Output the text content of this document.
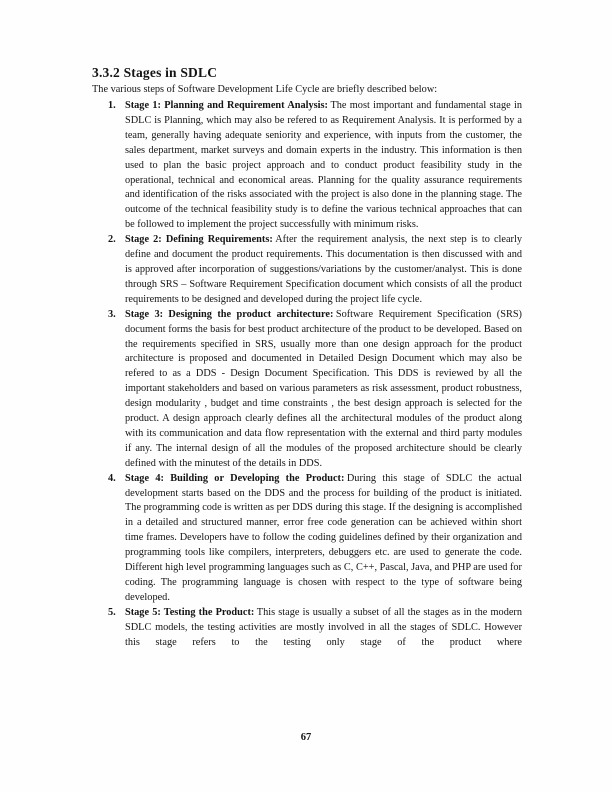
3.3.2 Stages in SDLC

The various steps of Software Development Life Cycle are briefly described below:

1. Stage 1: Planning and Requirement Analysis: The most important and fundamental stage in SDLC is Planning, which may also be refered to as Requirement Analysis. It is performed by a team, generally having adequate seniority and experience, with inputs from the customer, the sales department, market surveys and domain experts in the industry. This information is then used to plan the basic project approach and to conduct product feasibility study in the operational, technical and economical areas. Planning for the quality assurance requirements and identification of the risks associated with the project is also done in the planning stage. The outcome of the technical feasibility study is to define the various technical approaches that can be followed to implement the project successfully with minimum risks.
2. Stage 2: Defining Requirements: After the requirement analysis, the next step is to clearly define and document the product requirements. This documentation is then discussed with and is approved after incorporation of suggestions/variations by the customer/analyst. This is done through SRS – Software Requirement Specification document which consists of all the product requirements to be designed and developed during the project life cycle.
3. Stage 3: Designing the product architecture: Software Requirement Specification (SRS) document forms the basis for best product architecture of the product to be developed. Based on the requirements specified in SRS, usually more than one design approach for the product architecture is proposed and documented in Detailed Design Document which may also be refered to as a DDS - Design Document Specification. This DDS is reviewed by all the important stakeholders and based on various parameters as risk assessment, product robustness, design modularity , budget and time constraints , the best design approach is selected for the product. A design approach clearly defines all the architectural modules of the product along with its communication and data flow representation with the external and third party modules if any. The internal design of all the modules of the proposed architecture should be clearly defined with the minutest of the details in DDS.
4. Stage 4: Building or Developing the Product: During this stage of SDLC the actual development starts based on the DDS and the process for building of the product is initiated. The programming code is written as per DDS during this stage. If the designing is accomplished in a detailed and structured manner, error free code generation can be achieved within short time frames. Developers have to follow the coding guidelines defined by their organization and programming tools like compilers, interpreters, debuggers etc. are used to generate the code. Different high level programming languages such as C, C++, Pascal, Java, and PHP are used for coding. The programming language is chosen with respect to the type of software being developed.
5. Stage 5: Testing the Product: This stage is usually a subset of all the stages as in the modern SDLC models, the testing activities are mostly involved in all the stages of SDLC. However this stage refers to the testing only stage of the product where
67
